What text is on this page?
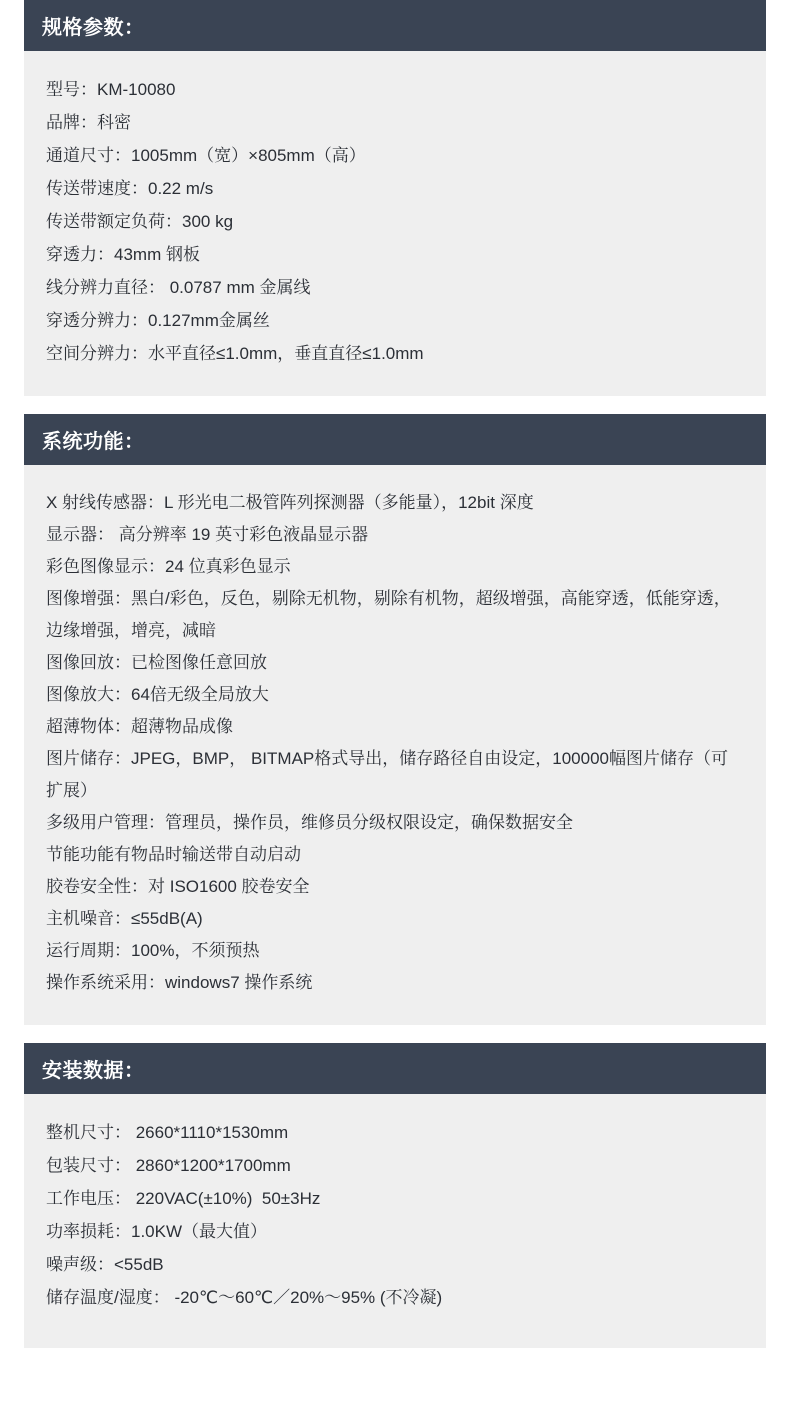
规格参数：
型号：KM-10080
品牌：科密
通道尺寸：1005mm（宽）×805mm（高）
传送带速度：0.22 m/s
传送带额定负荷：300 kg
穿透力：43mm 钢板
线分辨力直径： 0.0787 mm 金属线
穿透分辨力：0.127mm金属丝
空间分辨力：水平直径≤1.0mm，垂直直径≤1.0mm
系统功能：
X 射线传感器：L 形光电二极管阵列探测器（多能量），12bit 深度
显示器： 高分辨率 19 英寸彩色液晶显示器
彩色图像显示：24 位真彩色显示
图像增强：黑白/彩色，反色，剔除无机物，剔除有机物，超级增强，高能穿透，低能穿透，边缘增强，增亮，减暗
图像回放：已检图像任意回放
图像放大：64倍无级全局放大
超薄物体：超薄物品成像
图片储存：JPEG，BMP， BITMAP格式导出，储存路径自由设定，100000幅图片储存（可扩展）
多级用户管理：管理员，操作员，维修员分级权限设定，确保数据安全
节能功能有物品时输送带自动启动
胶卷安全性：对 ISO1600 胶卷安全
主机噪音：≤55dB(A)
运行周期：100%，不须预热
操作系统采用：windows7 操作系统
安装数据：
整机尺寸： 2660*1110*1530mm
包装尺寸： 2860*1200*1700mm
工作电压： 220VAC(±10%)  50±3Hz
功率损耗：1.0KW（最大值）
噪声级：<55dB
储存温度/湿度： -20℃～60℃／20%～95% (不冷凝)
